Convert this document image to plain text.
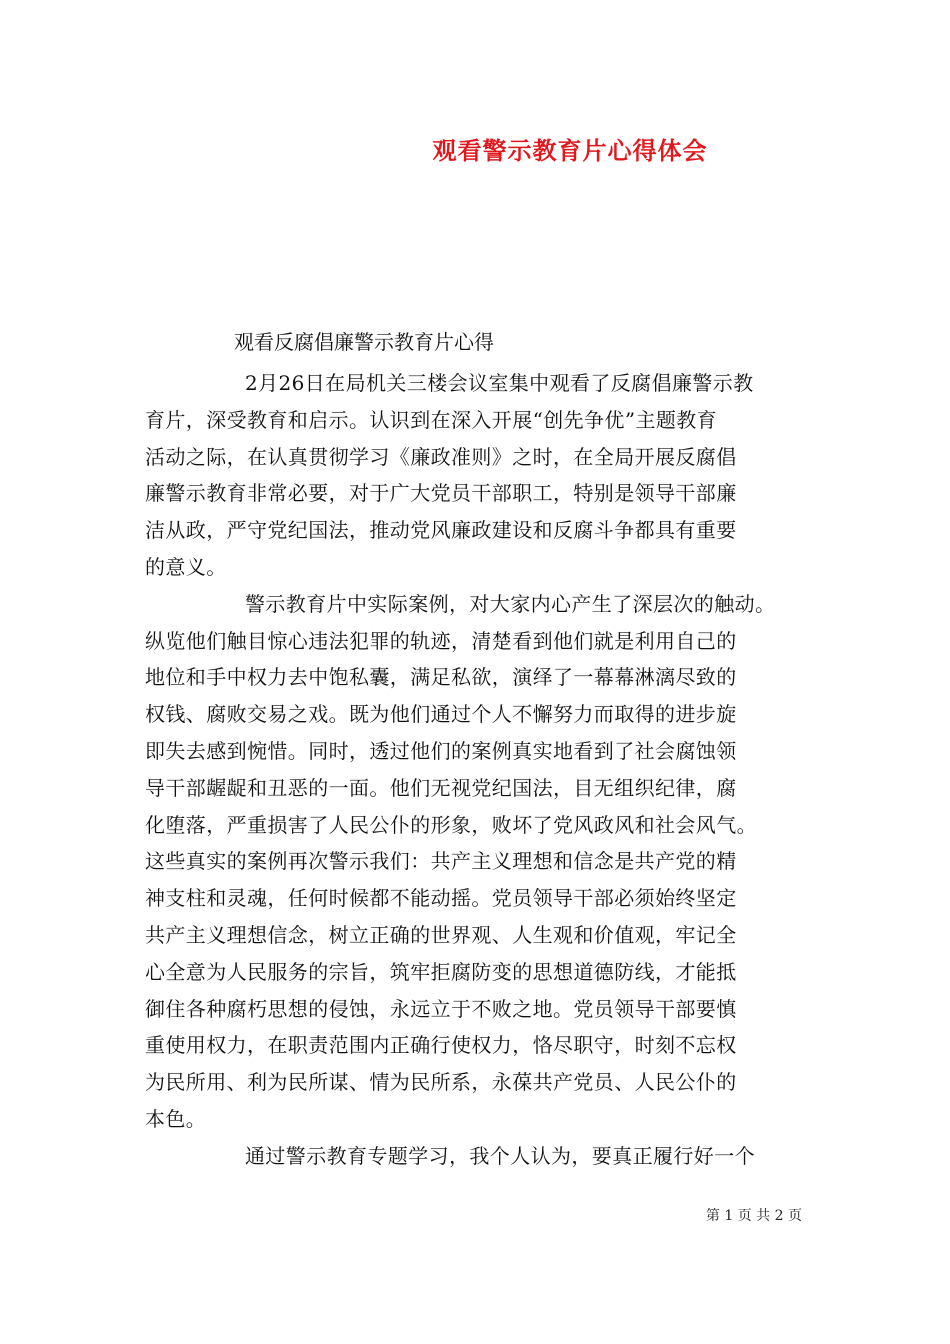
观看警示教育片心得体会

观看反腐倡廉警示教育片心得

2月26日在局机关三楼会议室集中观看了反腐倡廉警示教
育片，深受教育和启示。认识到在深入开展“创先争优”主题教育
活动之际，在认真贯彻学习《廉政准则》之时，在全局开展反腐倡
廉警示教育非常必要，对于广大党员干部职工，特别是领导干部廉
洁从政，严守党纪国法，推动党风廉政建设和反腐斗争都具有重要
的意义。

警示教育片中实际案例，对大家内心产生了深层次的触动。
纵览他们触目惊心违法犯罪的轨迹，清楚看到他们就是利用自己的
地位和手中权力去中饱私囊，满足私欲，演绎了一幕幕淋漓尽致的
权钱、腐败交易之戏。既为他们通过个人不懈努力而取得的进步旋
即失去感到惋惜。同时，透过他们的案例真实地看到了社会腐蚀领
导干部龌龊和丑恶的一面。他们无视党纪国法，目无组织纪律，腐
化堕落，严重损害了人民公仆的形象，败坏了党风政风和社会风气。
这些真实的案例再次警示我们：共产主义理想和信念是共产党的精
神支柱和灵魂，任何时候都不能动摇。党员领导干部必须始终坚定
共产主义理想信念，树立正确的世界观、人生观和价值观，牢记全
心全意为人民服务的宗旨，筑牢拒腐防变的思想道德防线，才能抵
御住各种腐朽思想的侵蚀，永远立于不败之地。党员领导干部要慎
重使用权力，在职责范围内正确行使权力，恪尽职守，时刻不忘权
为民所用、利为民所谋、情为民所系，永葆共产党员、人民公仆的
本色。

通过警示教育专题学习，我个人认为，要真正履行好一个

第 1 页 共 2 页
